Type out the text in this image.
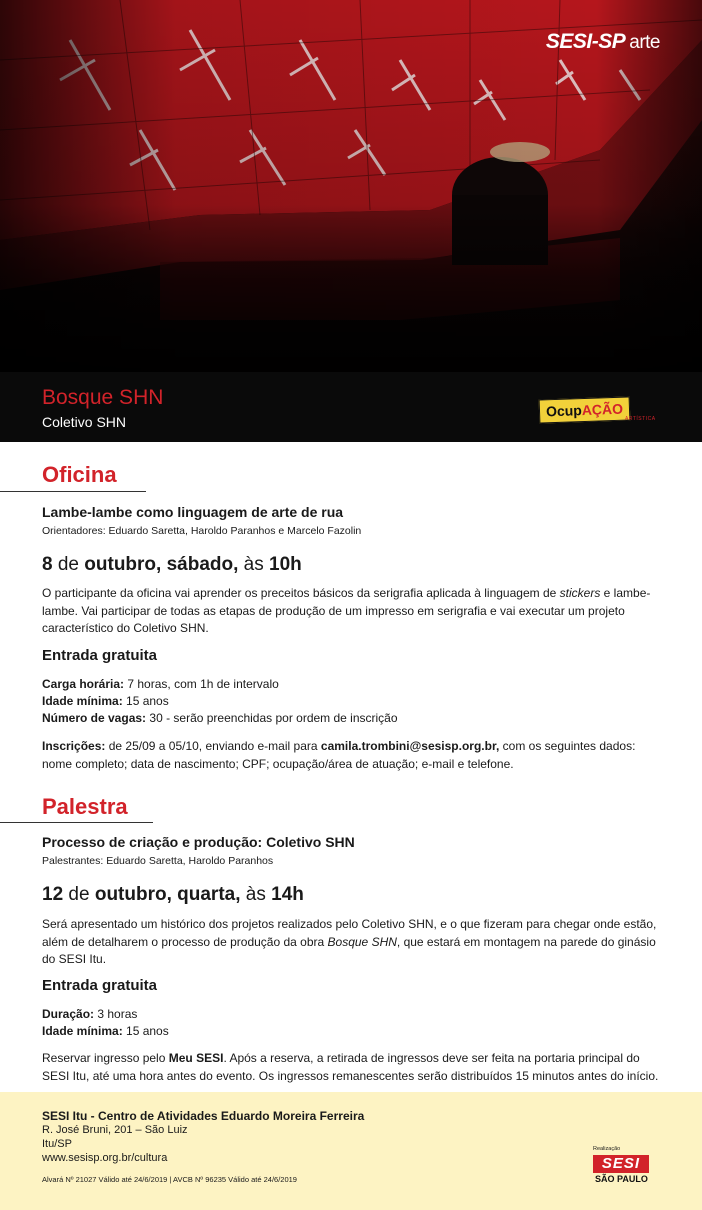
SESI-SP arte
Bosque SHN
Coletivo SHN
OcupAÇÃO
ARTÍSTICA
Oficina
Lambe-lambe como linguagem de arte de rua
Orientadores: Eduardo Saretta, Haroldo Paranhos e Marcelo Fazolin
8 de outubro, sábado, às 10h
O participante da oficina vai aprender os preceitos básicos da serigrafia aplicada à linguagem de stickers e lambe-lambe. Vai participar de todas as etapas de produção de um impresso em serigrafia e vai executar um projeto característico do Coletivo SHN.
Entrada gratuita
Carga horária: 7 horas, com 1h de intervalo
Idade mínima: 15 anos
Número de vagas: 30 - serão preenchidas por ordem de inscrição
Inscrições: de 25/09 a 05/10, enviando e-mail para camila.trombini@sesisp.org.br, com os seguintes dados: nome completo; data de nascimento; CPF; ocupação/área de atuação; e-mail e telefone.
Palestra
Processo de criação e produção: Coletivo SHN
Palestrantes: Eduardo Saretta, Haroldo Paranhos
12 de outubro, quarta, às 14h
Será apresentado um histórico dos projetos realizados pelo Coletivo SHN, e o que fizeram para chegar onde estão, além de detalharem o processo de produção da obra Bosque SHN, que estará em montagem na parede do ginásio do SESI Itu.
Entrada gratuita
Duração: 3 horas
Idade mínima: 15 anos
Reservar ingresso pelo Meu SESI. Após a reserva, a retirada de ingressos deve ser feita na portaria principal do SESI Itu, até uma hora antes do evento. Os ingressos remanescentes serão distribuídos 15 minutos antes do início.
SESI Itu - Centro de Atividades Eduardo Moreira Ferreira
R. José Bruni, 201 – São Luiz
Itu/SP
www.sesisp.org.br/cultura
Alvará Nº 21027 Válido até 24/6/2019 | AVCB Nº 96235 Válido até 24/6/2019
Realização
SESI
SÃO PAULO
